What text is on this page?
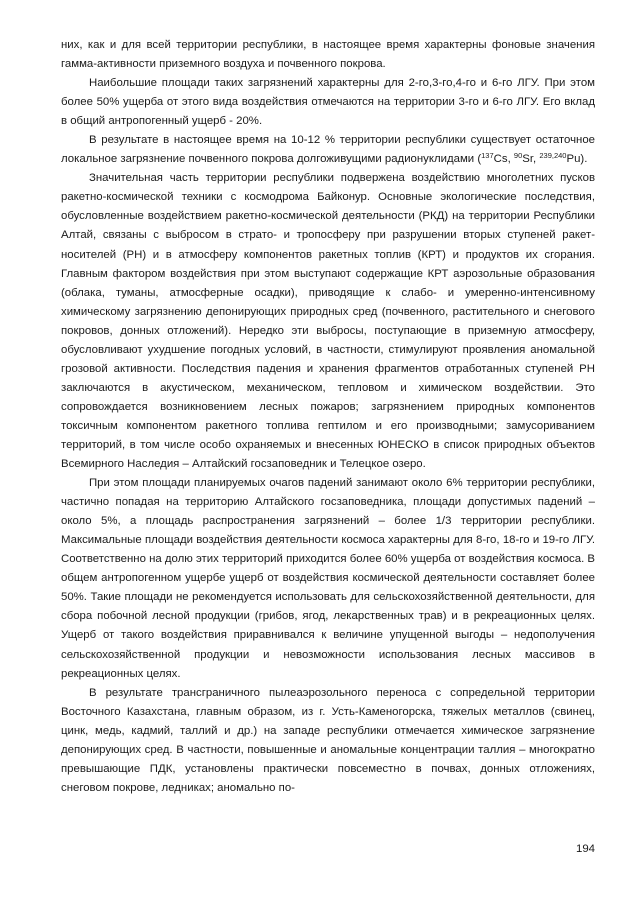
них, как и для всей территории республики, в настоящее время характерны фоновые значения гамма-активности приземного воздуха и почвенного покрова.

Наибольшие площади таких загрязнений характерны для 2-го,3-го,4-го и 6-го ЛГУ. При этом более 50% ущерба от этого вида воздействия отмечаются на территории 3-го и 6-го ЛГУ. Его вклад в общий антропогенный ущерб - 20%.

В результате в настоящее время на 10-12 % территории республики существует остаточное локальное загрязнение почвенного покрова долгоживущими радионуклидами ($^{137}$Cs, $^{90}$Sr, $^{239,240}$Pu).

Значительная часть территории республики подвержена воздействию многолетних пусков ракетно-космической техники с космодрома Байконур. Основные экологические последствия, обусловленные воздействием ракетно-космической деятельности (РКД) на территории Республики Алтай, связаны с выбросом в страто- и тропосферу при разрушении вторых ступеней ракет-носителей (РН) и в атмосферу компонентов ракетных топлив (КРТ) и продуктов их сгорания. Главным фактором воздействия при этом выступают содержащие КРТ аэрозольные образования (облака, туманы, атмосферные осадки), приводящие к слабо- и умеренно-интенсивному химическому загрязнению депонирующих природных сред (почвенного, растительного и снегового покровов, донных отложений). Нередко эти выбросы, поступающие в приземную атмосферу, обусловливают ухудшение погодных условий, в частности, стимулируют проявления аномальной грозовой активности. Последствия падения и хранения фрагментов отработанных ступеней РН заключаются в акустическом, механическом, тепловом и химическом воздействии. Это сопровождается возникновением лесных пожаров; загрязнением природных компонентов токсичным компонентом ракетного топлива гептилом и его производными; замусориванием территорий, в том числе особо охраняемых и внесенных ЮНЕСКО в список природных объектов Всемирного Наследия – Алтайский госзаповедник и Телецкое озеро.

При этом площади планируемых очагов падений занимают около 6% территории республики, частично попадая на территорию Алтайского госзаповедника, площади допустимых падений – около 5%, а площадь распространения загрязнений – более 1/3 территории республики. Максимальные площади воздействия деятельности космоса характерны для 8-го, 18-го и 19-го ЛГУ. Соответственно на долю этих территорий приходится более 60% ущерба от воздействия космоса. В общем антропогенном ущербе ущерб от воздействия космической деятельности составляет более 50%. Такие площади не рекомендуется использовать для сельскохозяйственной деятельности, для сбора побочной лесной продукции (грибов, ягод, лекарственных трав) и в рекреационных целях. Ущерб от такого воздействия приравнивался к величине упущенной выгоды – недополучения сельскохозяйственной продукции и невозможности использования лесных массивов в рекреационных целях.

В результате трансграничного пылеаэрозольного переноса с сопредельной территории Восточного Казахстана, главным образом, из г. Усть-Каменогорска, тяжелых металлов (свинец, цинк, медь, кадмий, таллий и др.) на западе республики отмечается химическое загрязнение депонирующих сред. В частности, повышенные и аномальные концентрации таллия – многократно превышающие ПДК, установлены практически повсеместно в почвах, донных отложениях, снеговом покрове, ледниках; аномально по-

194
